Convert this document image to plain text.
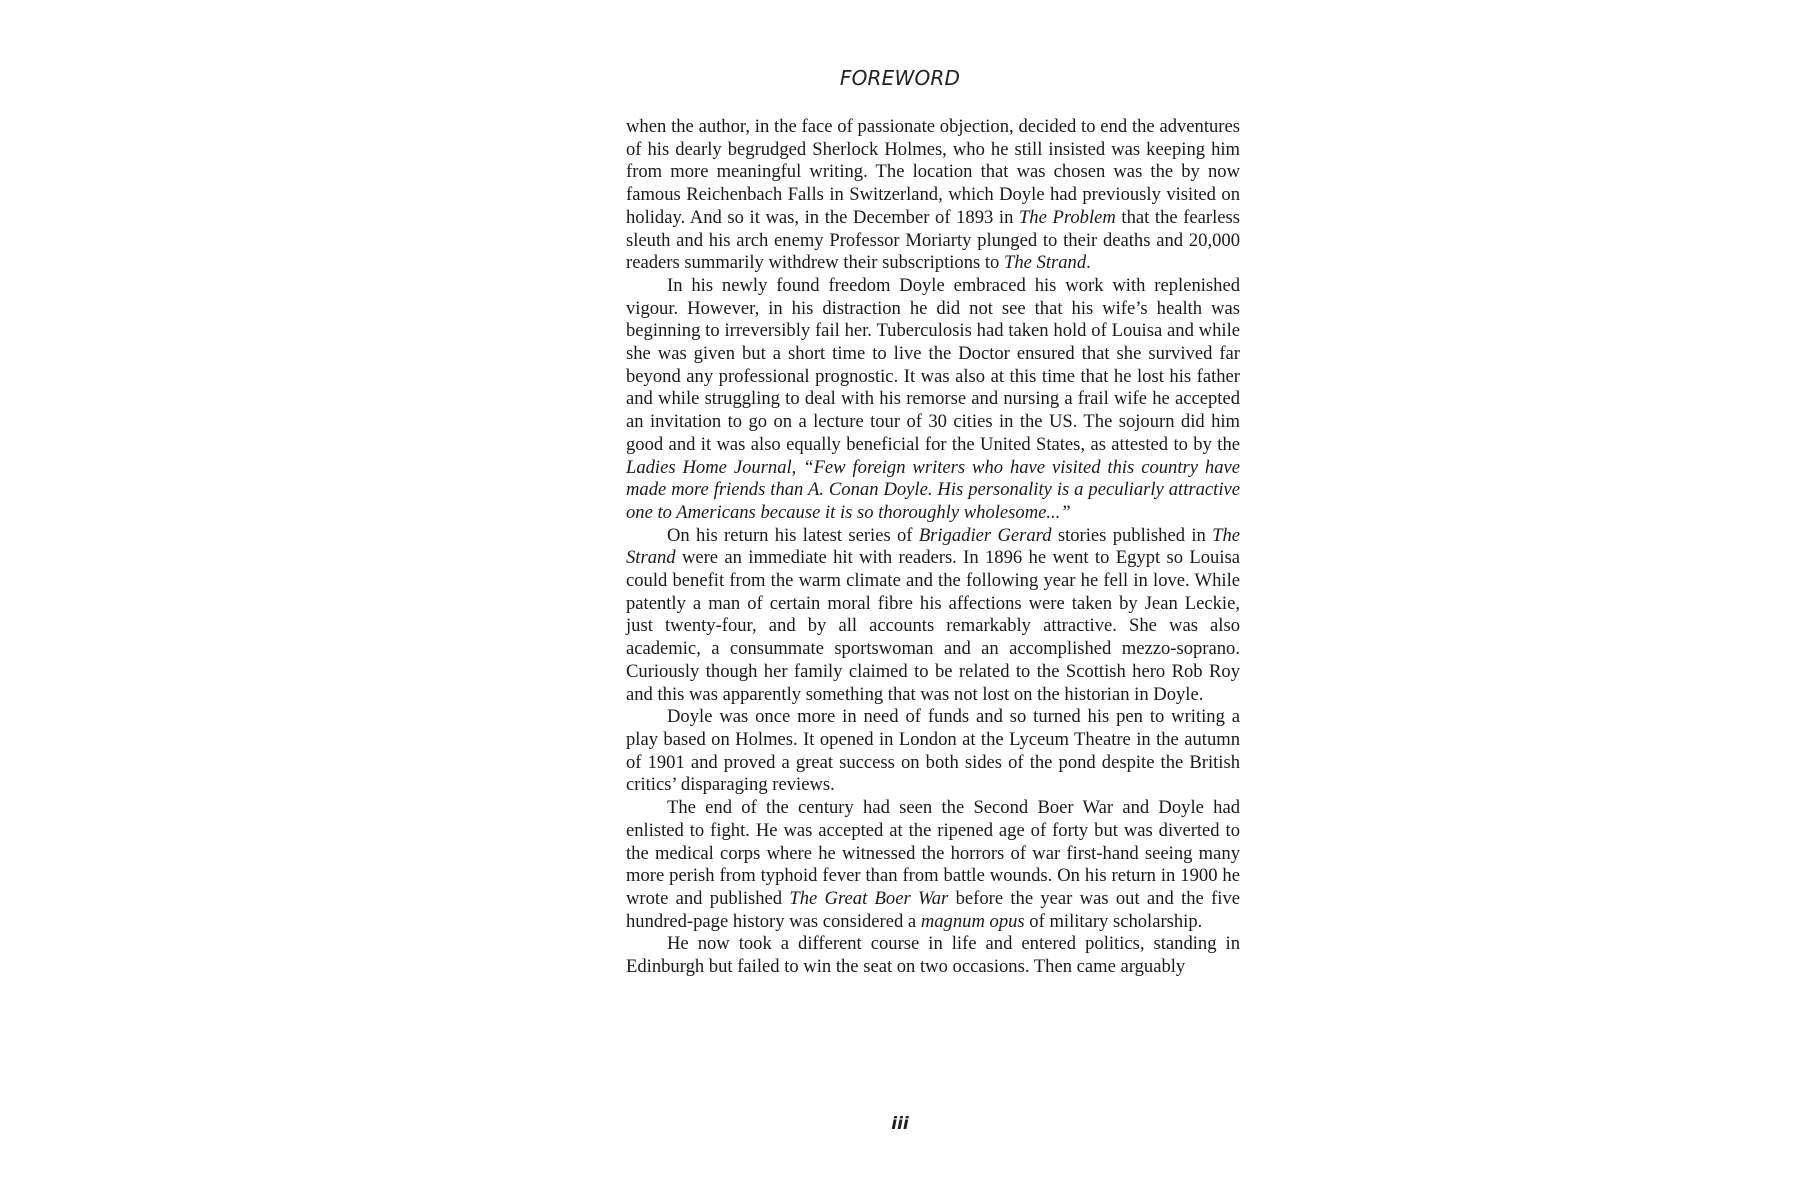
FOREWORD

when the author, in the face of passionate objection, decided to end the adventures of his dearly begrudged Sherlock Holmes, who he still insisted was keeping him from more meaningful writing. The location that was chosen was the by now famous Reichenbach Falls in Switzerland, which Doyle had previously visited on holiday. And so it was, in the December of 1893 in The Problem that the fearless sleuth and his arch enemy Professor Moriarty plunged to their deaths and 20,000 readers summarily withdrew their subscriptions to The Strand.

In his newly found freedom Doyle embraced his work with replenished vigour. However, in his distraction he did not see that his wife’s health was beginning to irreversibly fail her. Tuberculosis had taken hold of Louisa and while she was given but a short time to live the Doctor ensured that she survived far beyond any professional prognostic. It was also at this time that he lost his father and while struggling to deal with his remorse and nursing a frail wife he accepted an invitation to go on a lecture tour of 30 cities in the US. The sojourn did him good and it was also equally beneficial for the United States, as attested to by the Ladies Home Journal, “Few foreign writers who have visited this country have made more friends than A. Conan Doyle. His personality is a peculiarly attractive one to Americans because it is so thoroughly wholesome...”

On his return his latest series of Brigadier Gerard stories published in The Strand were an immediate hit with readers. In 1896 he went to Egypt so Louisa could benefit from the warm climate and the following year he fell in love. While patently a man of certain moral fibre his affections were taken by Jean Leckie, just twenty-four, and by all accounts remarkably attractive. She was also academic, a consummate sportswoman and an accomplished mezzo-soprano. Curiously though her family claimed to be related to the Scottish hero Rob Roy and this was apparently something that was not lost on the historian in Doyle.

Doyle was once more in need of funds and so turned his pen to writing a play based on Holmes. It opened in London at the Lyceum Theatre in the autumn of 1901 and proved a great success on both sides of the pond despite the British critics’ disparaging reviews.

The end of the century had seen the Second Boer War and Doyle had enlisted to fight. He was accepted at the ripened age of forty but was diverted to the medical corps where he witnessed the horrors of war first-hand seeing many more perish from typhoid fever than from battle wounds. On his return in 1900 he wrote and published The Great Boer War before the year was out and the five hundred-page history was considered a magnum opus of military scholarship.

He now took a different course in life and entered politics, standing in Edinburgh but failed to win the seat on two occasions. Then came arguably

iii
